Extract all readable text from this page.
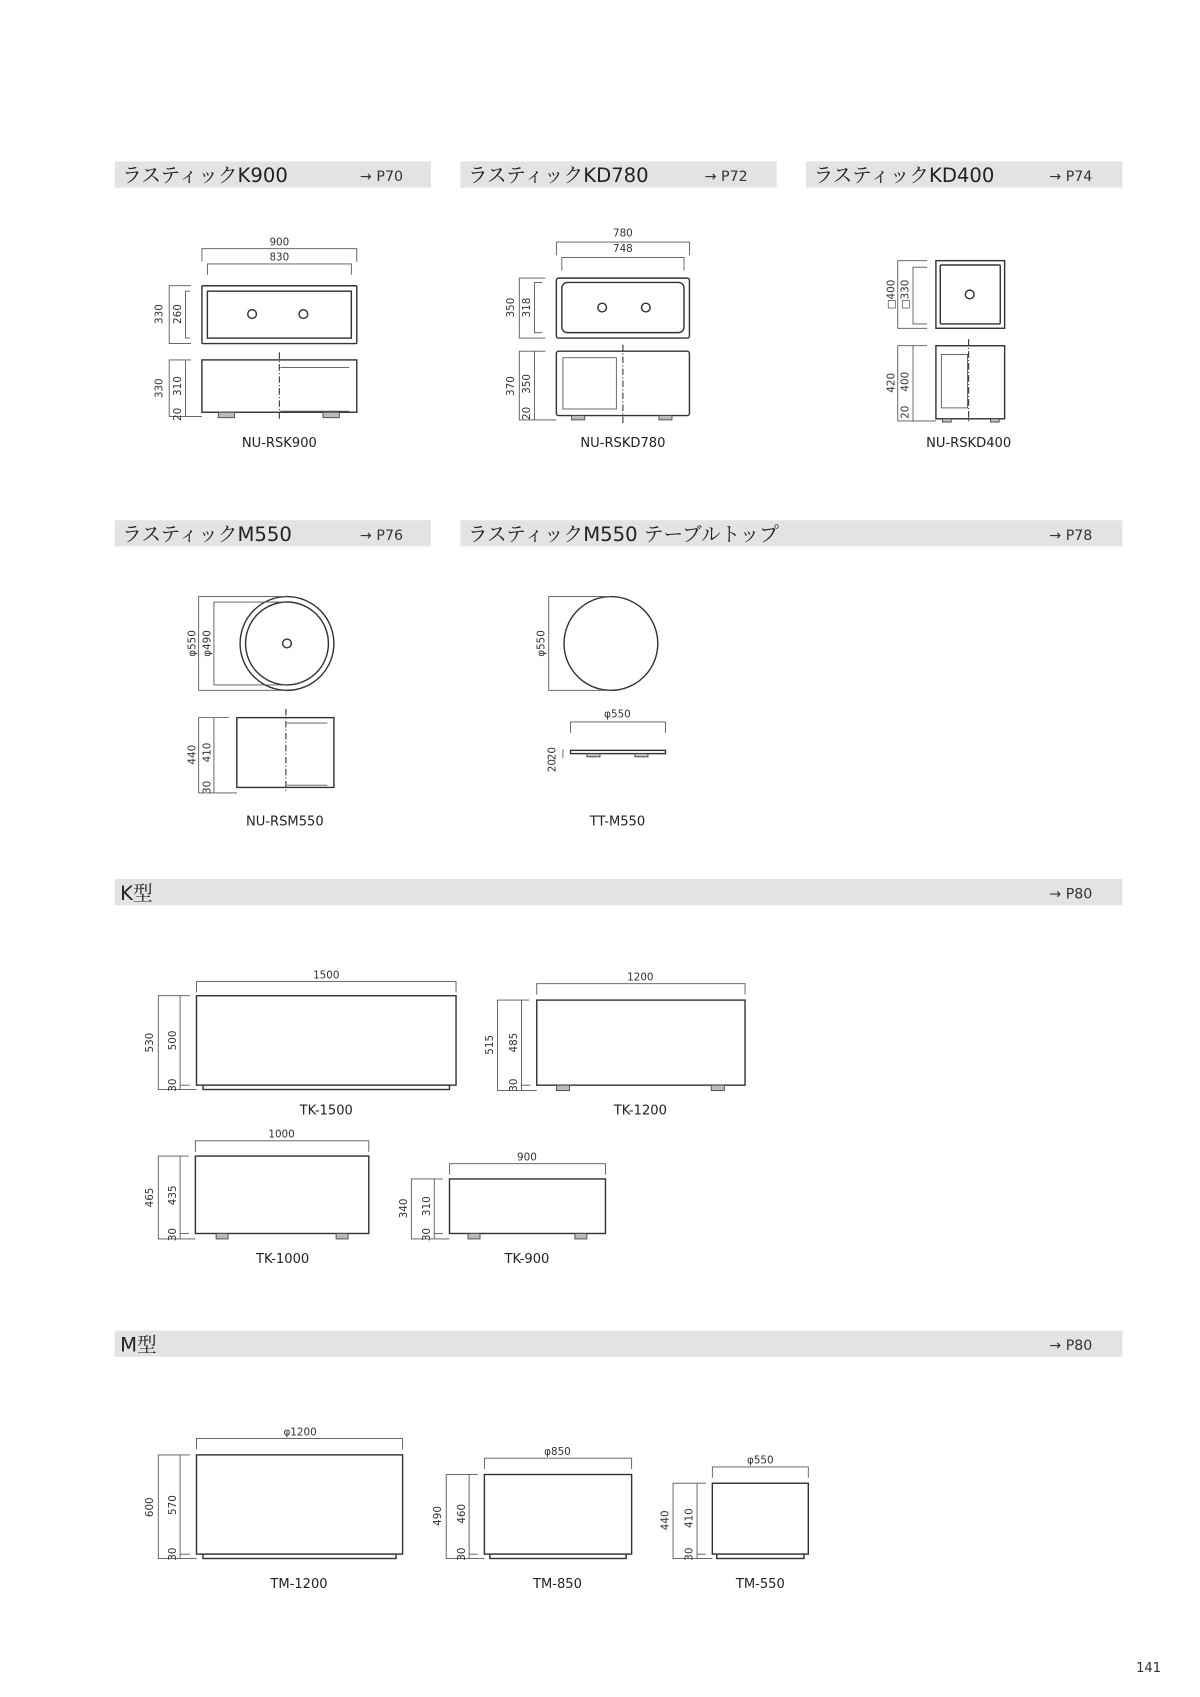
ラスティックK900	→ P70	ラスティックKD780	→ P72	ラスティックKD400	→ P74
ラスティックM550	→ P76	ラスティックM550 テーブルトップ	→ P78
K型	→ P80
M型	→ P80
900
830
330 260
330 310
20
NU-RSK900
780
748
350 318
370 350
20
NU-RSKD780
□400 □330
420 400
20
NU-RSKD400
φ550 φ490
440 410
30
NU-RSM550
φ550
φ550
20
20
TT-M550
1500
530 500
30
TK-1500
1200
515 485
30
TK-1200
1000
465 435
30
TK-1000
900
340 310
30
TK-900
φ1200
600 570
30
TM-1200
φ850
490 460
30
TM-850
φ550
440 410
30
TM-550
141
